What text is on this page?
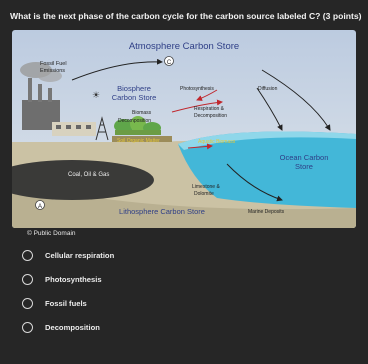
What is the next phase of the carbon cycle for the carbon source labeled C? (3 points)
☀
Atmosphere Carbon Store
C
Fossil Fuel
Emissions
Biosphere
Carbon Store
Biomass
Decomposition
Soil Organic Matter
Photosynthesis	Diffusion
Respiration &
Decomposition
Aquatic Biomass
Ocean Carbon
Store
Coal, Oil & Gas
Limestone &
Dolomite
A	Lithosphere Carbon Store	Marine Deposits
© Public Domain
Cellular respiration
Photosynthesis
Fossil fuels
Decomposition
